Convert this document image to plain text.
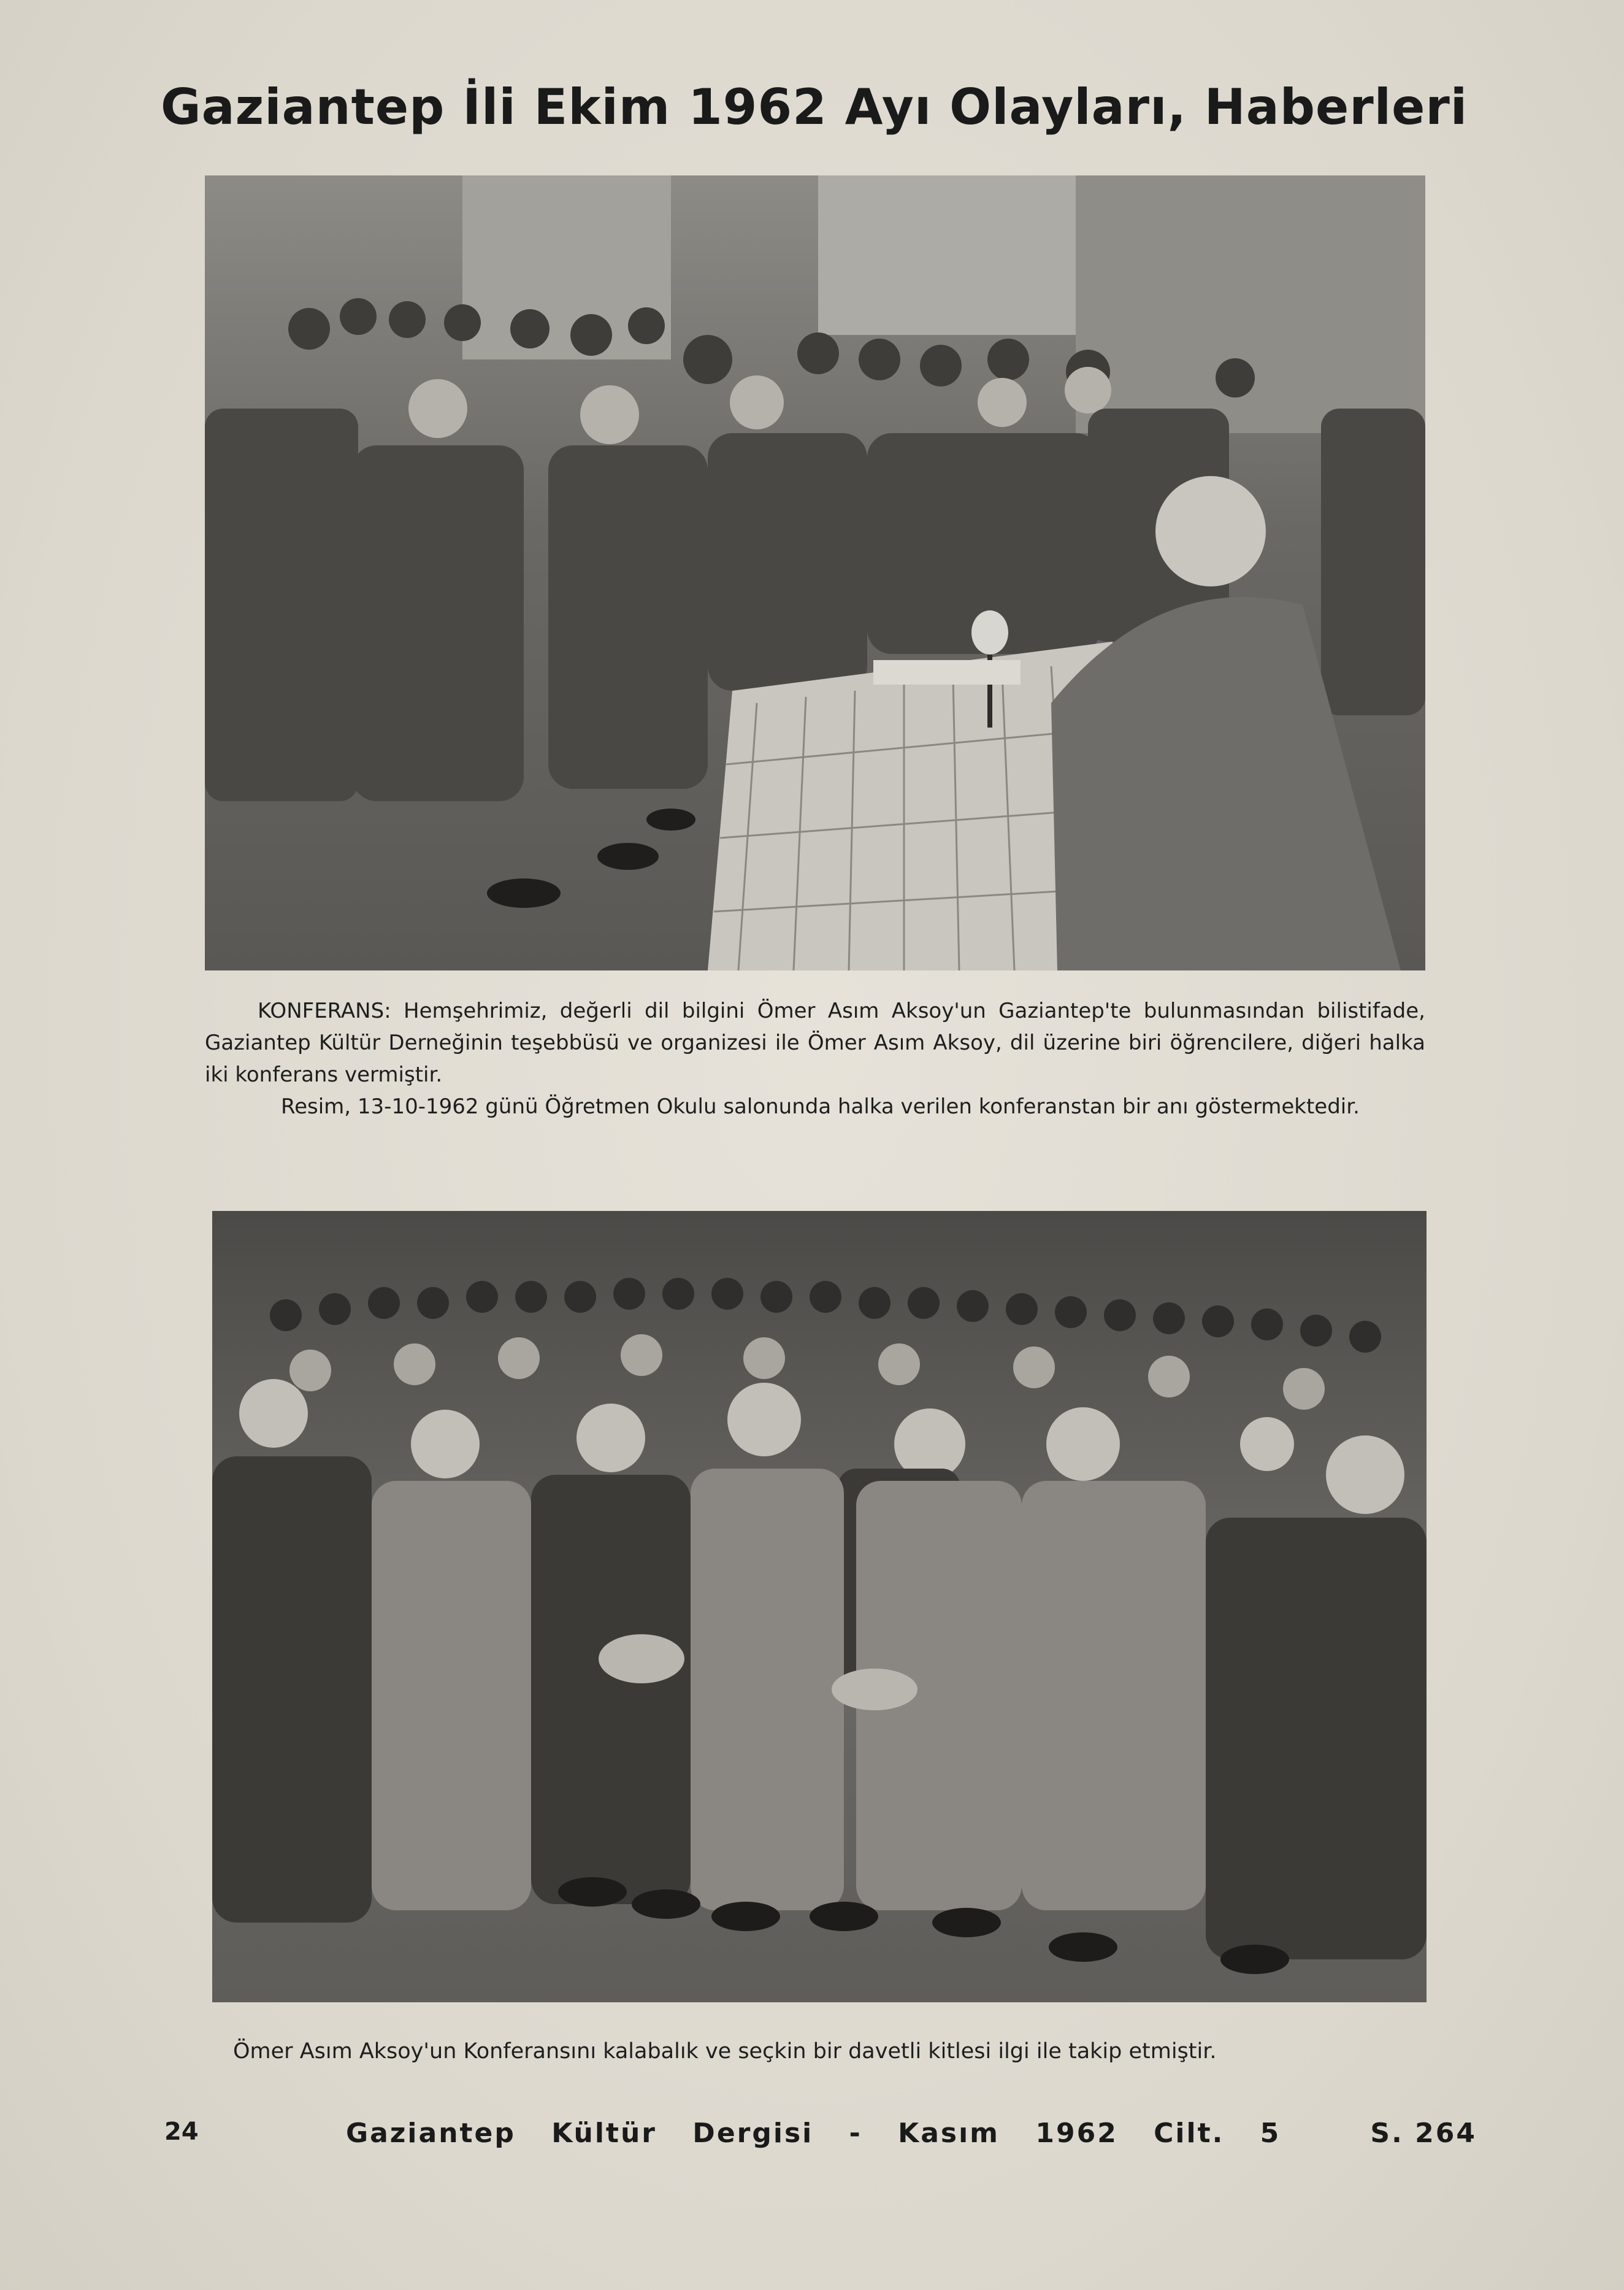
Gaziantep İli Ekim 1962 Ayı Olayları, Haberleri

KONFERANS: Hemşehrimiz, değerli dil bilgini Ömer Asım Aksoy'un Gaziantep'te bulunmasından bilistifade, Gaziantep Kültür Derneğinin teşebbüsü ve organizesi ile Ömer Asım Aksoy, dil üzerine biri öğrencilere, diğeri halka iki konferans vermiştir.

Resim, 13-10-1962 günü Öğretmen Okulu salonunda halka verilen konferanstan bir anı göstermektedir.

Ömer Asım Aksoy'un Konferansını kalabalık ve seçkin bir davetli kitlesi ilgi ile takip etmiştir.
24	Gaziantep Kültür Dergisi - Kasım 1962 Cilt. 5	S. 264
